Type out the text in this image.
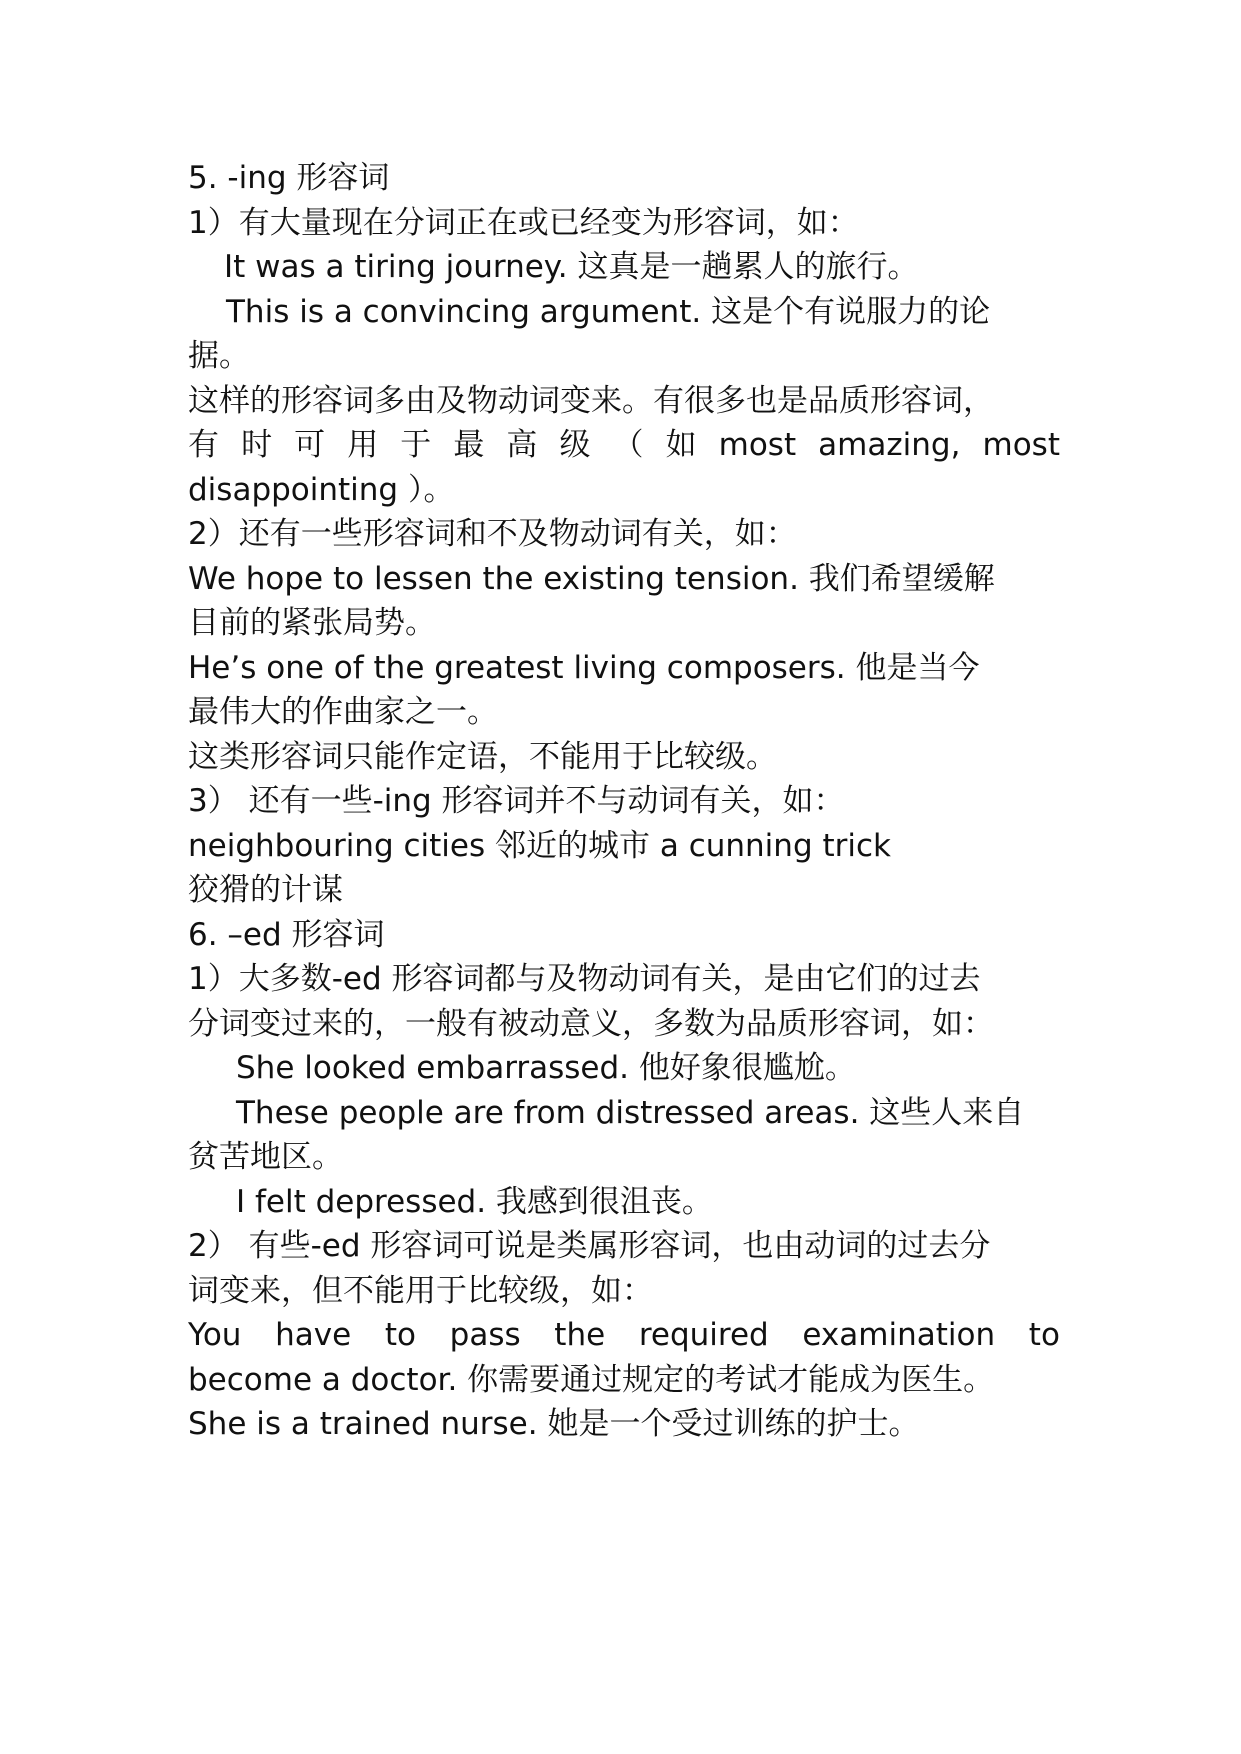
5. -ing 形容词
1）有大量现在分词正在或已经变为形容词，如：
It was a tiring journey. 这真是一趟累人的旅行。
This is a convincing argument. 这是个有说服力的论
据。
这样的形容词多由及物动词变来。有很多也是品质形容词，
有 时 可 用 于 最 高 级 （ 如 most amazing, most
disappointing ）。
2）还有一些形容词和不及物动词有关，如：
We hope to lessen the existing tension. 我们希望缓解
目前的紧张局势。
He’s one of the greatest living composers. 他是当今
最伟大的作曲家之一。
这类形容词只能作定语，不能用于比较级。
3） 还有一些-ing 形容词并不与动词有关，如：
neighbouring cities 邻近的城市 a cunning trick
狡猾的计谋
6. –ed 形容词
1）大多数-ed 形容词都与及物动词有关，是由它们的过去
分词变过来的，一般有被动意义，多数为品质形容词，如：
She looked embarrassed. 他好象很尴尬。
These people are from distressed areas. 这些人来自
贫苦地区。
I felt depressed. 我感到很沮丧。
2） 有些-ed 形容词可说是类属形容词，也由动词的过去分
词变来，但不能用于比较级，如：
You have to pass the required examination to
become a doctor. 你需要通过规定的考试才能成为医生。
She is a trained nurse. 她是一个受过训练的护士。
